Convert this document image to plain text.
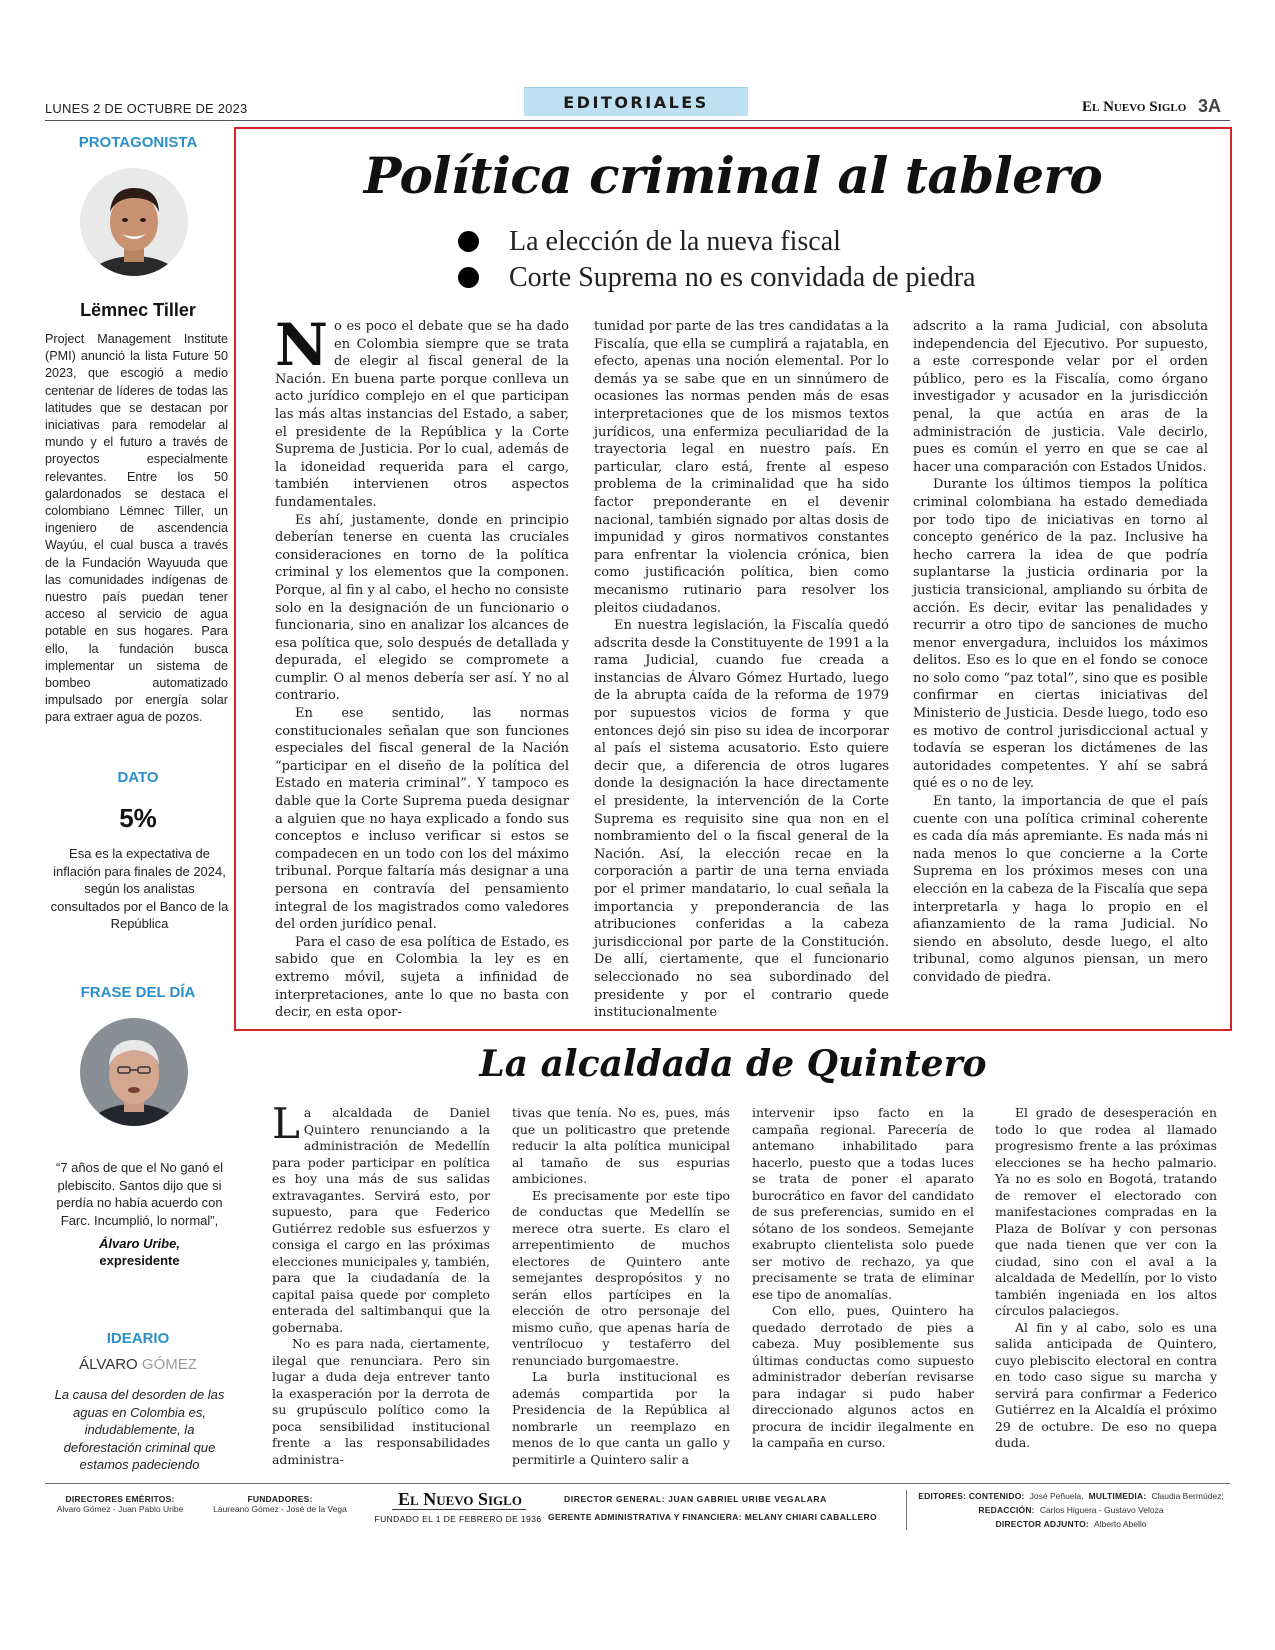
LUNES 2 DE OCTUBRE DE 2023	EDITORIALES	El Nuevo Siglo 3A
PROTAGONISTA
Lëmnec Tiller
Project Management Institute (PMI) anunció la lista Future 50 2023, que escogió a medio centenar de líderes de todas las latitudes que se destacan por iniciativas para remodelar al mundo y el futuro a través de proyectos especialmente relevantes. Entre los 50 galardonados se destaca el colombiano Lëmnec Tiller, un ingeniero de ascendencia Wayúu, el cual busca a través de la Fundación Wayuuda que las comunidades indígenas de nuestro país puedan tener acceso al servicio de agua potable en sus hogares. Para ello, la fundación busca implementar un sistema de bombeo automatizado impulsado por energía solar para extraer agua de pozos.
DATO
5%
Esa es la expectativa de inflación para finales de 2024, según los analistas consultados por el Banco de la República
FRASE DEL DÍA
“7 años de que el No ganó el plebiscito. Santos dijo que si perdía no había acuerdo con Farc. Incumplió, lo normal”,
Álvaro Uribe,
expresidente
IDEARIO
ÁLVARO GÓMEZ
La causa del desorden de las aguas en Colombia es, indudablemente, la deforestación criminal que estamos padeciendo
Política criminal al tablero
La elección de la nueva fiscal
Corte Suprema no es convidada de piedra

No es poco el debate que se ha dado en Colombia siempre que se trata de elegir al fiscal general de la Nación. En buena parte porque conlleva un acto jurídico complejo en el que participan las más altas instancias del Estado, a saber, el presidente de la República y la Corte Suprema de Justicia. Por lo cual, además de la idoneidad requerida para el cargo, también intervienen otros aspectos fundamentales.

Es ahí, justamente, donde en principio deberían tenerse en cuenta las cruciales consideraciones en torno de la política criminal y los elementos que la componen. Porque, al fin y al cabo, el hecho no consiste solo en la designación de un funcionario o funcionaria, sino en analizar los alcances de esa política que, solo después de detallada y depurada, el elegido se compromete a cumplir. O al menos debería ser así. Y no al contrario.

En ese sentido, las normas constitucionales señalan que son funciones especiales del fiscal general de la Nación “participar en el diseño de la política del Estado en materia criminal”. Y tampoco es dable que la Corte Suprema pueda designar a alguien que no haya explicado a fondo sus conceptos e incluso verificar si estos se compadecen en un todo con los del máximo tribunal. Porque faltaría más designar a una persona en contravía del pensamiento integral de los magistrados como valedores del orden jurídico penal.

Para el caso de esa política de Estado, es sabido que en Colombia la ley es en extremo móvil, sujeta a infinidad de interpretaciones, ante lo que no basta con decir, en esta opor-

tunidad por parte de las tres candidatas a la Fiscalía, que ella se cumplirá a rajatabla, en efecto, apenas una noción elemental. Por lo demás ya se sabe que en un sinnúmero de ocasiones las normas penden más de esas interpretaciones que de los mismos textos jurídicos, una enfermiza peculiaridad de la trayectoria legal en nuestro país. En particular, claro está, frente al espeso problema de la criminalidad que ha sido factor preponderante en el devenir nacional, también signado por altas dosis de impunidad y giros normativos constantes para enfrentar la violencia crónica, bien como justificación política, bien como mecanismo rutinario para resolver los pleitos ciudadanos.

En nuestra legislación, la Fiscalía quedó adscrita desde la Constituyente de 1991 a la rama Judicial, cuando fue creada a instancias de Álvaro Gómez Hurtado, luego de la abrupta caída de la reforma de 1979 por supuestos vicios de forma y que entonces dejó sin piso su idea de incorporar al país el sistema acusatorio. Esto quiere decir que, a diferencia de otros lugares donde la designación la hace directamente el presidente, la intervención de la Corte Suprema es requisito sine qua non en el nombramiento del o la fiscal general de la Nación. Así, la elección recae en la corporación a partir de una terna enviada por el primer mandatario, lo cual señala la importancia y preponderancia de las atribuciones conferidas a la cabeza jurisdiccional por parte de la Constitución. De allí, ciertamente, que el funcionario seleccionado no sea subordinado del presidente y por el contrario quede institucionalmente

adscrito a la rama Judicial, con absoluta independencia del Ejecutivo. Por supuesto, a este corresponde velar por el orden público, pero es la Fiscalía, como órgano investigador y acusador en la jurisdicción penal, la que actúa en aras de la administración de justicia. Vale decirlo, pues es común el yerro en que se cae al hacer una comparación con Estados Unidos.

Durante los últimos tiempos la política criminal colombiana ha estado demediada por todo tipo de iniciativas en torno al concepto genérico de la paz. Inclusive ha hecho carrera la idea de que podría suplantarse la justicia ordinaria por la justicia transicional, ampliando su órbita de acción. Es decir, evitar las penalidades y recurrir a otro tipo de sanciones de mucho menor envergadura, incluidos los máximos delitos. Eso es lo que en el fondo se conoce no solo como “paz total”, sino que es posible confirmar en ciertas iniciativas del Ministerio de Justicia. Desde luego, todo eso es motivo de control jurisdiccional actual y todavía se esperan los dictámenes de las autoridades competentes. Y ahí se sabrá qué es o no de ley.

En tanto, la importancia de que el país cuente con una política criminal coherente es cada día más apremiante. Es nada más ni nada menos lo que concierne a la Corte Suprema en los próximos meses con una elección en la cabeza de la Fiscalía que sepa interpretarla y haga lo propio en el afianzamiento de la rama Judicial. No siendo en absoluto, desde luego, el alto tribunal, como algunos piensan, un mero convidado de piedra.

La alcaldada de Quintero

La alcaldada de Daniel Quintero renunciando a la administración de Medellín para poder participar en política es hoy una más de sus salidas extravagantes. Servirá esto, por supuesto, para que Federico Gutiérrez redoble sus esfuerzos y consiga el cargo en las próximas elecciones municipales y, también, para que la ciudadanía de la capital paisa quede por completo enterada del saltimbanqui que la gobernaba.

No es para nada, ciertamente, ilegal que renunciara. Pero sin lugar a duda deja entrever tanto la exasperación por la derrota de su grupúsculo político como la poca sensibilidad institucional frente a las responsabilidades administra-

tivas que tenía. No es, pues, más que un politicastro que pretende reducir la alta política municipal al tamaño de sus espurias ambiciones.

Es precisamente por este tipo de conductas que Medellín se merece otra suerte. Es claro el arrepentimiento de muchos electores de Quintero ante semejantes despropósitos y no serán ellos partícipes en la elección de otro personaje del mismo cuño, que apenas haría de ventrílocuo y testaferro del renunciado burgomaestre.

La burla institucional es además compartida por la Presidencia de la República al nombrarle un reemplazo en menos de lo que canta un gallo y permitirle a Quintero salir a

intervenir ipso facto en la campaña regional. Parecería de antemano inhabilitado para hacerlo, puesto que a todas luces se trata de poner el aparato burocrático en favor del candidato de sus preferencias, sumido en el sótano de los sondeos. Semejante exabrupto clientelista solo puede ser motivo de rechazo, ya que precisamente se trata de eliminar ese tipo de anomalías.

Con ello, pues, Quintero ha quedado derrotado de pies a cabeza. Muy posiblemente sus últimas conductas como supuesto administrador deberían revisarse para indagar si pudo haber direccionado algunos actos en procura de incidir ilegalmente en la campaña en curso.

El grado de desesperación en todo lo que rodea al llamado progresismo frente a las próximas elecciones se ha hecho palmario. Ya no es solo en Bogotá, tratando de remover el electorado con manifestaciones compradas en la Plaza de Bolívar y con personas que nada tienen que ver con la ciudad, sino con el aval a la alcaldada de Medellín, por lo visto también ingeniada en los altos círculos palaciegos.

Al fin y al cabo, solo es una salida anticipada de Quintero, cuyo plebiscito electoral en contra en todo caso sigue su marcha y servirá para confirmar a Federico Gutiérrez en la Alcaldía el próximo 29 de octubre. De eso no quepa duda.

DIRECTORES EMÉRITOS:
Alvaro Gómez - Juan Pablo Uribe
FUNDADORES:
Laureano Gómez - José de la Vega	El Nuevo Siglo
FUNDADO EL 1 DE FEBRERO DE 1936
DIRECTOR GENERAL: JUAN GABRIEL URIBE VEGALARA
GERENTE ADMINISTRATIVA Y FINANCIERA: MELANY CHIARI CABALLERO
EDITORES: CONTENIDO: José Peñuela, MULTIMEDIA: Claudia Bermúdez;
REDACCIÓN: Carlos Higuera - Gustavo Veloza
DIRECTOR ADJUNTO: Alberto Abello
